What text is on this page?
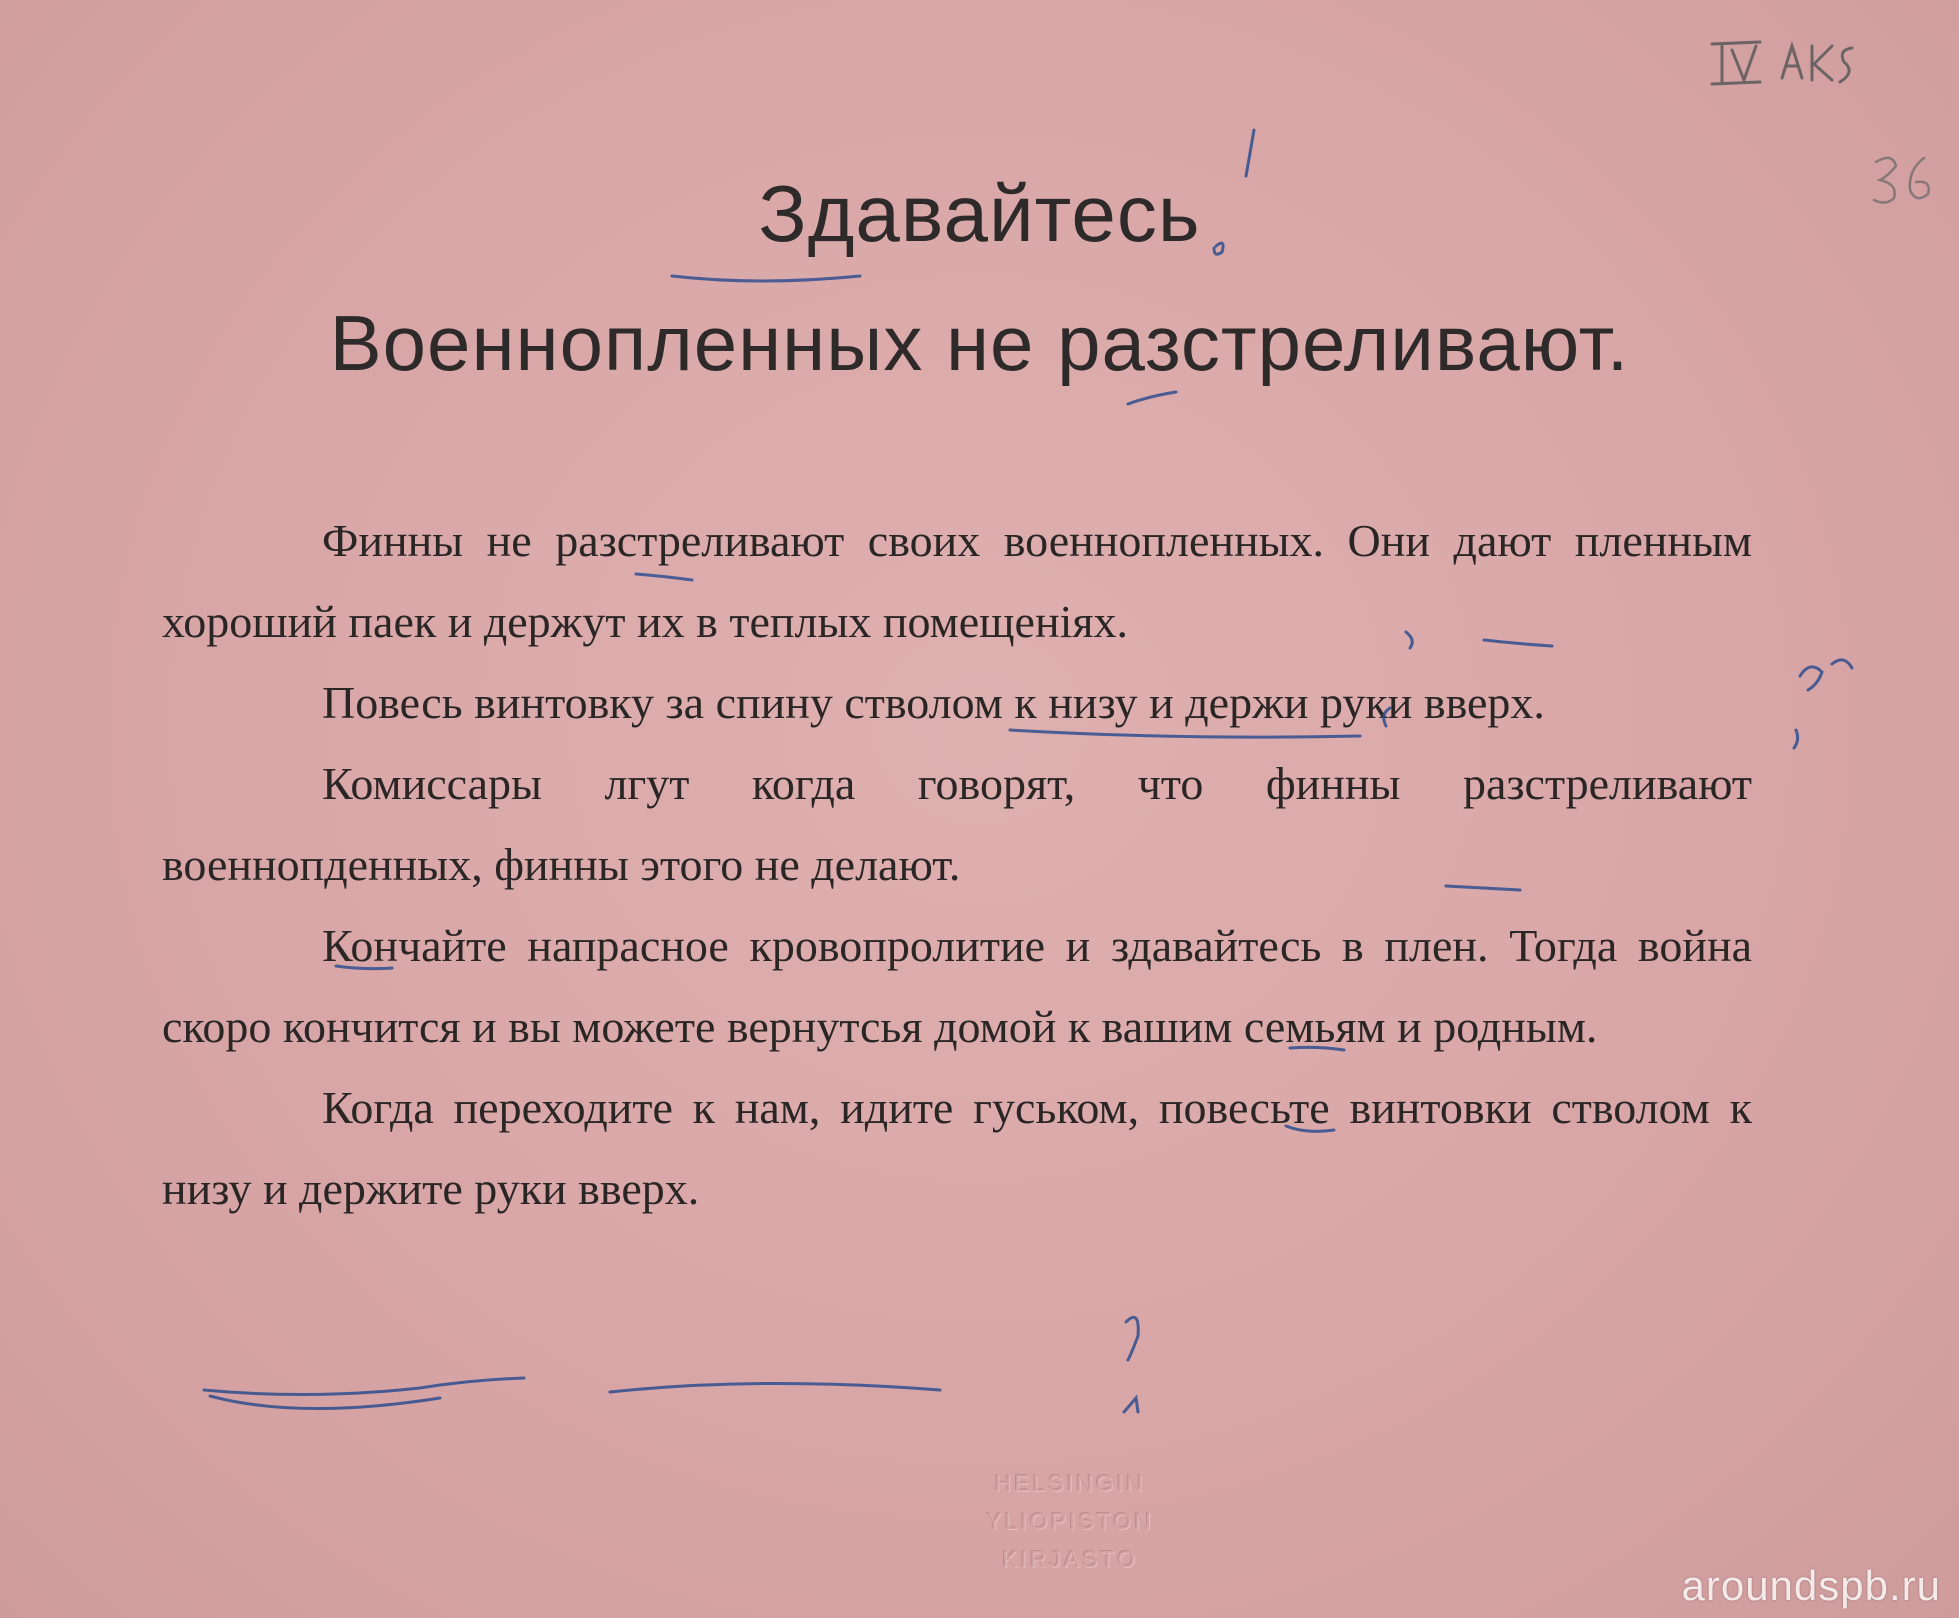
Здавайтесь
Военнопленных не разстреливают.

Финны не разстреливают своих военнопленных. Они дают пленным хороший паек и держут их в теплых помещеніях.

Повесь винтовку за спину стволом к низу и держи руки вверх.

Комиссары лгут когда говорят, что финны разстреливают военнопденных, финны этого не делают.

Кончайте напрасное кровопролитие и здавайтесь в плен. Тогда война скоро кончится и вы можете вернутсья домой к вашим семьям и родным.

Когда переходите к нам, идите гуськом, повесьте винтовки стволом к низу и держите руки вверх.

HELSINGIN
YLIOPISTON
KIRJASTO
aroundspb.ru
